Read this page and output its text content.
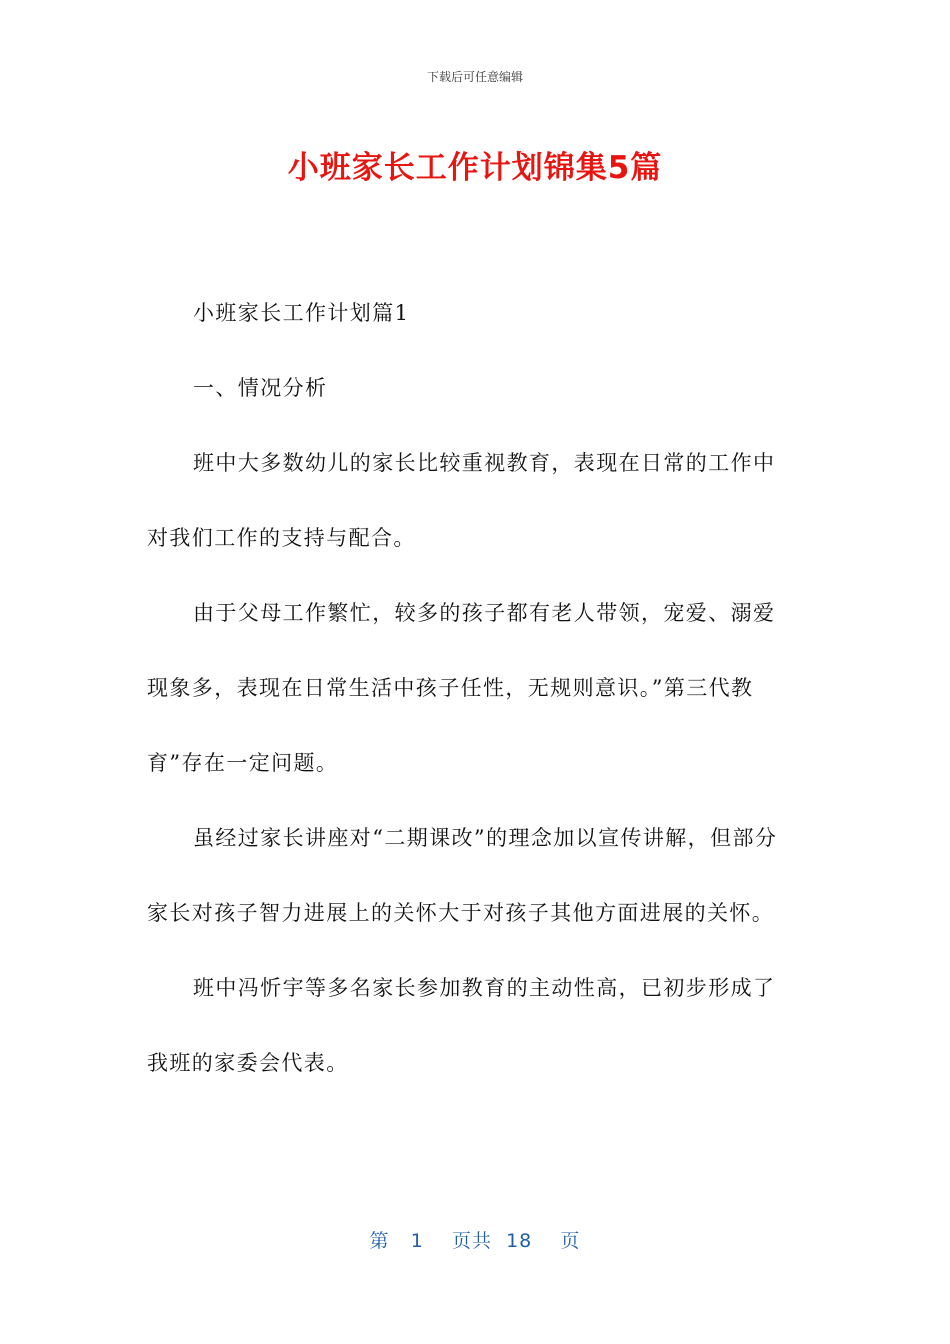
下载后可任意编辑
小班家长工作计划锦集5篇

小班家长工作计划篇1

一、情况分析

班中大多数幼儿的家长比较重视教育，表现在日常的工作中对我们工作的支持与配合。

由于父母工作繁忙，较多的孩子都有老人带领，宠爱、溺爱现象多，表现在日常生活中孩子任性，无规则意识。”第三代教育”存在一定问题。

虽经过家长讲座对“二期课改”的理念加以宣传讲解，但部分家长对孩子智力进展上的关怀大于对孩子其他方面进展的关怀。

班中冯忻宇等多名家长参加教育的主动性高，已初步形成了我班的家委会代表。

第 1 页共 18 页
